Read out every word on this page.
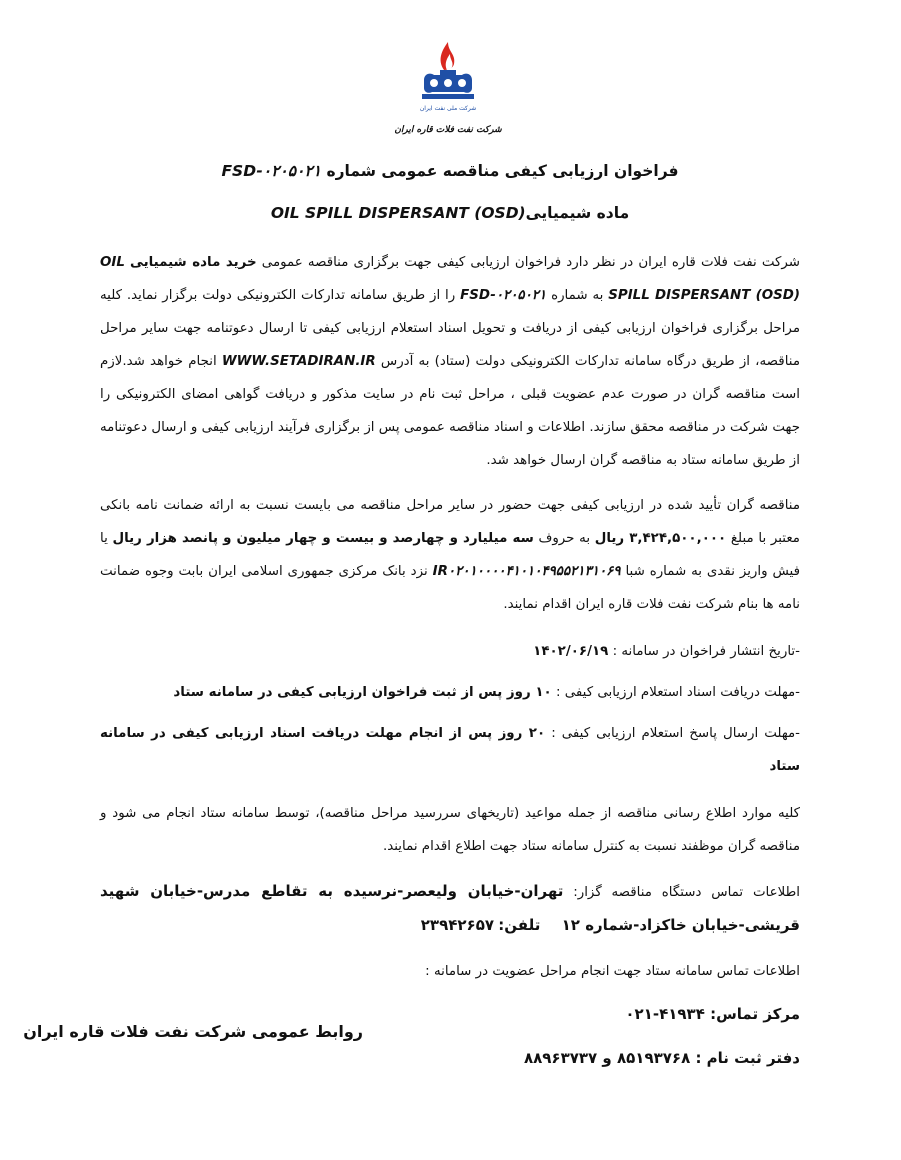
شرکت ملی نفت ایران
شرکت نفت فلات قاره ایران

فراخوان ارزیابی کیفی مناقصه عمومی شماره FSD-۰۲۰۵۰۲۱

ماده شیمیاییOIL SPILL DISPERSANT (OSD)

شرکت نفت فلات قاره ایران در نظر دارد فراخوان ارزیابی کیفی جهت برگزاری مناقصه عمومی خرید ماده شیمیایی OIL SPILL DISPERSANT (OSD) به شماره FSD-۰۲۰۵۰۲۱ را از طریق سامانه تدارکات الکترونیکی دولت برگزار نماید. کلیه مراحل برگزاری فراخوان ارزیابی کیفی از دریافت و تحویل اسناد استعلام ارزیابی کیفی تا ارسال دعوتنامه جهت سایر مراحل مناقصه، از طریق درگاه سامانه تدارکات الکترونیکی دولت (ستاد) به آدرس WWW.SETADIRAN.IR انجام خواهد شد.لازم است مناقصه گران در صورت عدم عضویت قبلی ، مراحل ثبت نام در سایت مذکور و دریافت گواهی امضای الکترونیکی را جهت شرکت در مناقصه محقق سازند. اطلاعات و اسناد مناقصه عمومی پس از برگزاری فرآیند ارزیابی کیفی و ارسال دعوتنامه از طریق سامانه ستاد به مناقصه گران ارسال خواهد شد.

مناقصه گران تأیید شده در ارزیابی کیفی جهت حضور در سایر مراحل مناقصه می بایست نسبت به ارائه ضمانت نامه بانکی معتبر با مبلغ ۳,۴۲۴,۵۰۰,۰۰۰ ریال به حروف سه میلیارد و چهارصد و بیست و چهار میلیون و پانصد هزار ریال یا فیش واریز نقدی به شماره شبا IR۰۲۰۱۰۰۰۰۴۱۰۱۰۴۹۵۵۲۱۳۱۰۶۹ نزد بانک مرکزی جمهوری اسلامی ایران بابت وجوه ضمانت نامه ها بنام شرکت نفت فلات قاره ایران اقدام نمایند.

-تاریخ انتشار فراخوان در سامانه : ۱۴۰۲/۰۶/۱۹

-مهلت دریافت اسناد استعلام ارزیابی کیفی : ۱۰ روز پس از ثبت فراخوان ارزیابی کیفی در سامانه ستاد

-مهلت ارسال پاسخ استعلام ارزیابی کیفی : ۲۰ روز پس از انجام مهلت دریافت اسناد ارزیابی کیفی در سامانه ستاد

کلیه موارد اطلاع رسانی مناقصه از جمله مواعید (تاریخهای سررسید مراحل مناقصه)، توسط سامانه ستاد انجام می شود و مناقصه گران موظفند نسبت به کنترل سامانه ستاد جهت اطلاع اقدام نمایند.

اطلاعات تماس دستگاه مناقصه گزار: تهران-خیابان ولیعصر-نرسیده به تقاطع مدرس-خیابان شهید قریشی-خیابان خاکزاد-شماره ۱۲     تلفن: ۲۳۹۴۲۶۵۷

اطلاعات تماس سامانه ستاد جهت انجام مراحل عضویت در سامانه :

مرکز تماس: ۴۱۹۳۴-۰۲۱

دفتر ثبت نام : ۸۵۱۹۳۷۶۸ و ۸۸۹۶۳۷۳۷

روابط عمومی شرکت نفت فلات قاره ایران
